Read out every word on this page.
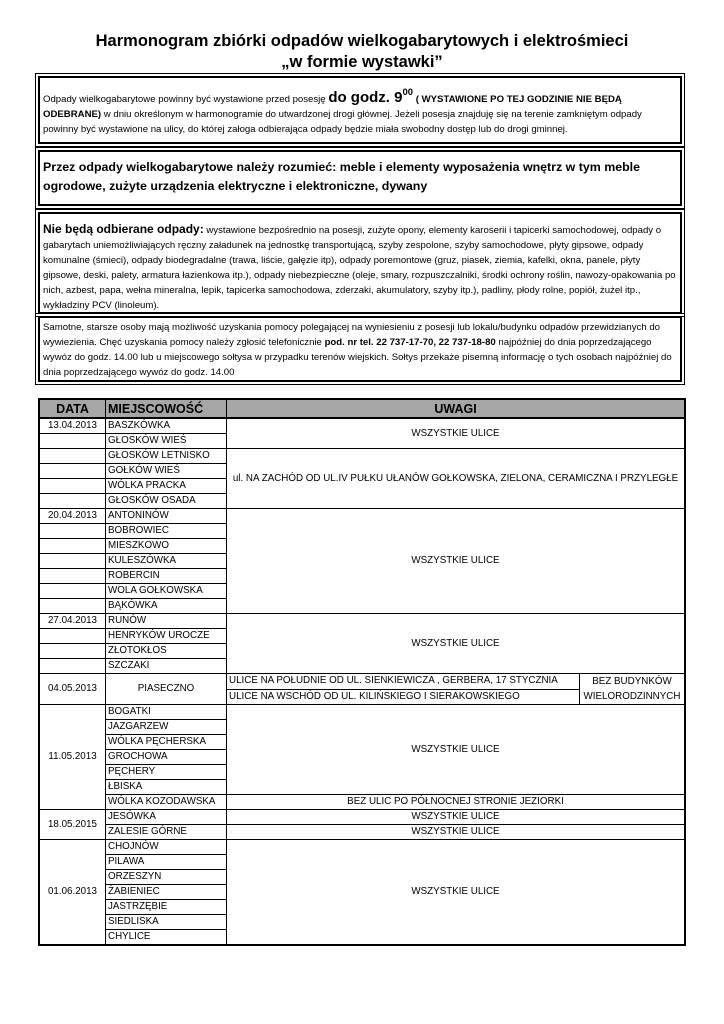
Harmonogram zbiórki odpadów wielkogabarytowych i elektrośmieci
„w formie wystawki”
Odpady wielkogabarytowe powinny być wystawione przed posesję do godz. 900 ( WYSTAWIONE PO TEJ GODZINIE NIE BĘDĄ ODEBRANE) w dniu określonym w harmonogramie do utwardzonej drogi głównej. Jeżeli posesja znajduję się na terenie zamkniętym odpady powinny być wystawione na ulicy, do której załoga odbierająca odpady będzie miała swobodny dostęp lub do drogi gminnej.
Przez odpady wielkogabarytowe należy rozumieć: meble i elementy wyposażenia wnętrz w tym meble ogrodowe, zużyte urządzenia elektryczne i elektroniczne, dywany
Nie będą odbierane odpady: wystawione bezpośrednio na posesji, zużyte opony, elementy karoserii i tapicerki samochodowej, odpady o gabarytach uniemożliwiających ręczny załadunek na jednostkę transportującą, szyby zespolone, szyby samochodowe, płyty gipsowe, odpady komunalne (śmieci), odpady biodegradalne (trawa, liście, gałęzie itp), odpady poremontowe (gruz, piasek, ziemia, kafelki, okna, panele, płyty gipsowe, deski, palety, armatura łazienkowa itp.), odpady niebezpieczne (oleje, smary, rozpuszczalniki, środki ochrony roślin, nawozy-opakowania po nich, azbest, papa, wełna mineralna, lepik, tapicerka samochodowa, zderzaki, akumulatory, szyby itp.), padliny, płody rolne, popiół, żużel itp., wykładziny PCV (linoleum).
Samotne, starsze osoby mają możliwość uzyskania pomocy polegającej na wyniesieniu z posesji lub lokalu/budynku odpadów przewidzianych do wywiezienia. Chęć uzyskania pomocy należy zgłosić telefonicznie pod. nr tel. 22 737-17-70, 22 737-18-80 najpóźniej do dnia poprzedzającego wywóz do godz. 14.00 lub u miejscowego sołtysa w przypadku terenów wiejskich. Sołtys przekaże pisemną informację o tych osobach najpóźniej do dnia poprzedzającego wywóz do godz. 14.00
DATA	MIEJSCOWOŚĆ	UWAGI	
13.04.2013	BASZKÓWKA	WSZYSTKIE ULICE	
	GŁOSKÓW WIEŚ		
	GŁOSKÓW LETNISKO	ul. NA ZACHÓD OD UL.IV PUŁKU UŁANÓW GOŁKOWSKA, ZIELONA, CERAMICZNA I PRZYLEGŁE	
	GOŁKÓW WIEŚ		
	WÓLKA PRACKA		
	GŁOSKÓW OSADA		
20.04.2013	ANTONINÓW	WSZYSTKIE ULICE	
	BOBROWIEC		
	MIESZKOWO		
	KULESZÓWKA		
	ROBERCIN		
	WOLA GOŁKOWSKA		
	BĄKÓWKA		
27.04.2013	RUNÓW	WSZYSTKIE ULICE	
	HENRYKÓW UROCZE		
	ZŁOTOKŁOS		
	SZCZAKI		
04.05.2013	PIASECZNO	ULICE NA POŁUDNIE OD UL. SIENKIEWICZA , GERBERA, 17 STYCZNIA	BEZ BUDYNKÓW WIELORODZINNYCH
		ULICE NA WSCHÓD OD UL. KILIŃSKIEGO I SIERAKOWSKIEGO	
11.05.2013	BOGATKI	WSZYSTKIE ULICE	
	JAZGARZEW		
	WÓLKA PĘCHERSKA		
	GROCHOWA		
	PĘCHERY		
	ŁBISKA		
	WÓLKA KOZODAWSKA	BEZ ULIC PO PÓŁNOCNEJ STRONIE JEZIORKI	
18.05.2015	JESÓWKA	WSZYSTKIE ULICE	
	ZALESIE GÓRNE	WSZYSTKIE ULICE	
01.06.2013	CHOJNÓW	WSZYSTKIE ULICE	
	PILAWA		
	ORZESZYN		
	ŻABIENIEC		
	JASTRZĘBIE		
	SIEDLISKA		
	CHYLICE		
